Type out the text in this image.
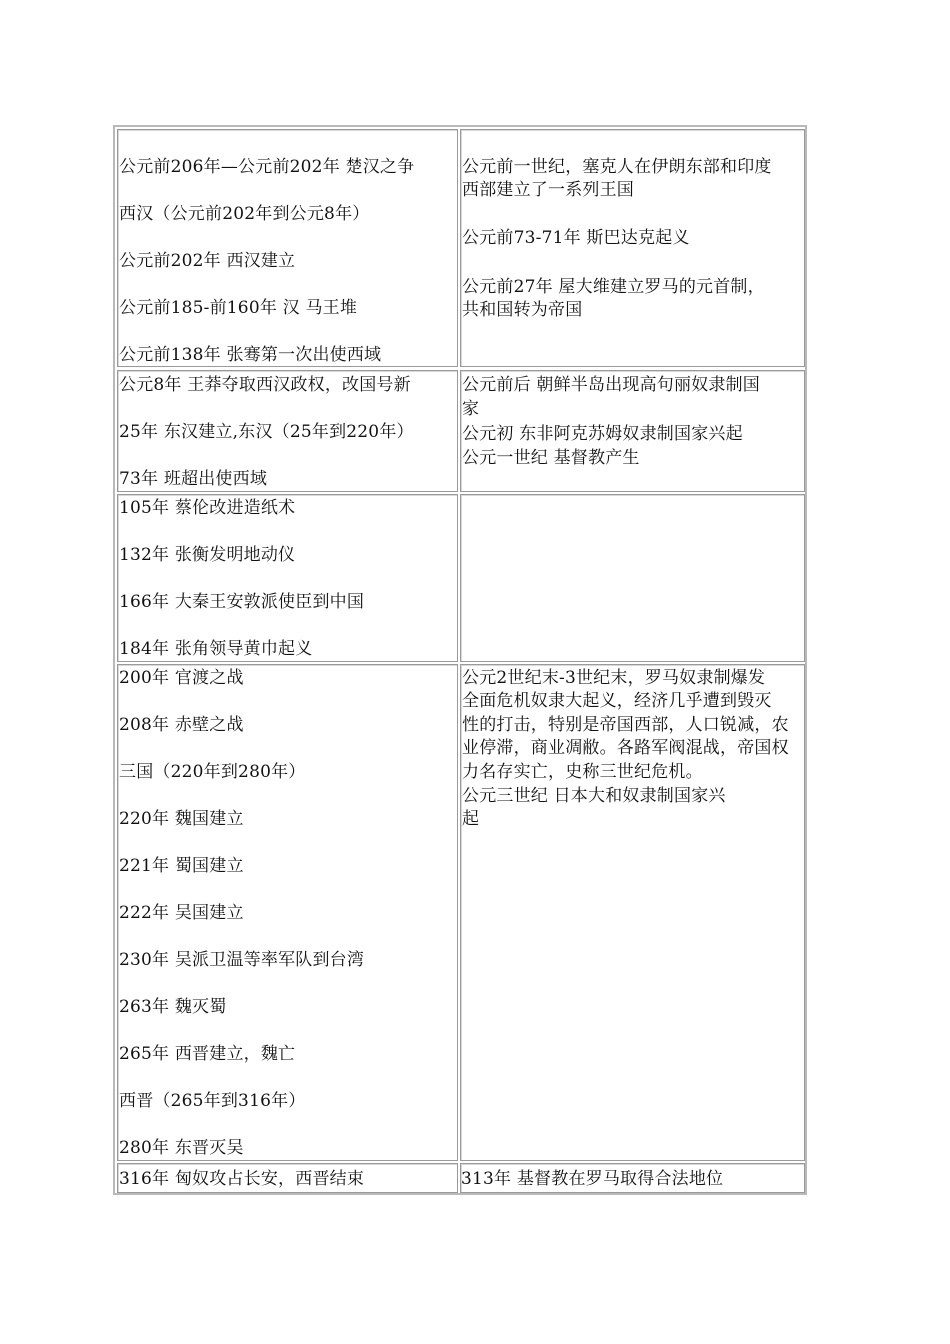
公元前206年—公元前202年 楚汉之争
西汉（公元前202年到公元8年）
公元前202年 西汉建立
公元前185-前160年 汉 马王堆
公元前138年 张骞第一次出使西域
公元前一世纪，塞克人在伊朗东部和印度
西部建立了一系列王国
公元前73-71年 斯巴达克起义
公元前27年 屋大维建立罗马的元首制，
共和国转为帝国
公元8年 王莽夺取西汉政权，改国号新
25年 东汉建立,东汉（25年到220年）
73年 班超出使西域
公元前后 朝鲜半岛出现高句丽奴隶制国
家
公元初 东非阿克苏姆奴隶制国家兴起
公元一世纪 基督教产生
105年 蔡伦改进造纸术
132年 张衡发明地动仪
166年 大秦王安敦派使臣到中国
184年 张角领导黄巾起义
200年 官渡之战
208年 赤壁之战
三国（220年到280年）
220年 魏国建立
221年 蜀国建立
222年 吴国建立
230年 吴派卫温等率军队到台湾
263年 魏灭蜀
265年 西晋建立，魏亡
西晋（265年到316年）
280年 东晋灭吴
公元2世纪末-3世纪末，罗马奴隶制爆发
全面危机奴隶大起义，经济几乎遭到毁灭
性的打击，特别是帝国西部，人口锐减，农
业停滞，商业凋敝。各路军阀混战，帝国权
力名存实亡，史称三世纪危机。
公元三世纪 日本大和奴隶制国家兴
起
316年 匈奴攻占长安，西晋结束	313年 基督教在罗马取得合法地位
